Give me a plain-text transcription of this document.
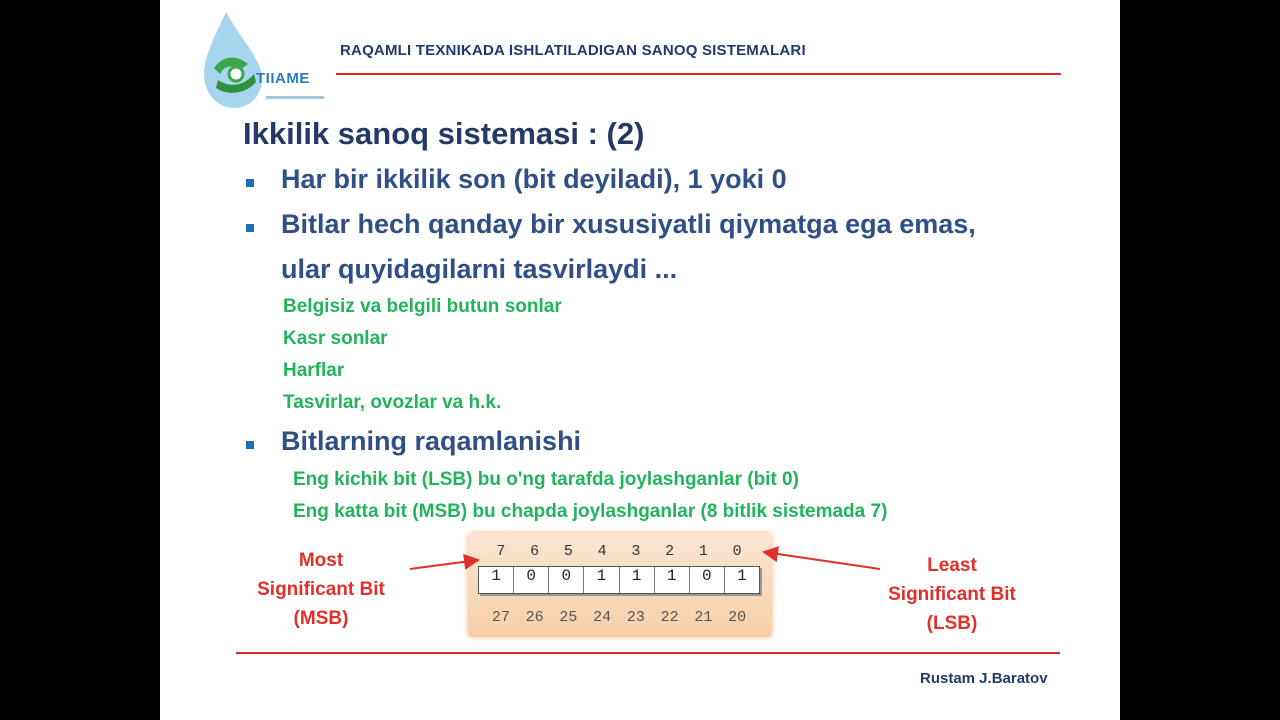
TIIAME
RAQAMLI TEXNIKADA ISHLATILADIGAN SANOQ SISTEMALARI
Ikkilik sanoq sistemasi : (2)
Har bir ikkilik son (bit deyiladi), 1 yoki 0
Bitlar hech qanday bir xususiyatli qiymatga ega emas,
ular quyidagilarni tasvirlaydi ...
Belgisiz va belgili butun sonlar
Kasr sonlar
Harflar
Tasvirlar, ovozlar va h.k.
Bitlarning raqamlanishi
Eng kichik bit (LSB) bu o'ng tarafda joylashganlar (bit 0)
Eng katta bit (MSB) bu chapda joylashganlar (8 bitlik sistemada 7)
7	6	5	4	3	2	1	0
1	0	0	1	1	1	0	1
27	26	25	24	23	22	21	20
Most
Significant Bit
(MSB)
Least
Significant Bit
(LSB)
Rustam J.Baratov
